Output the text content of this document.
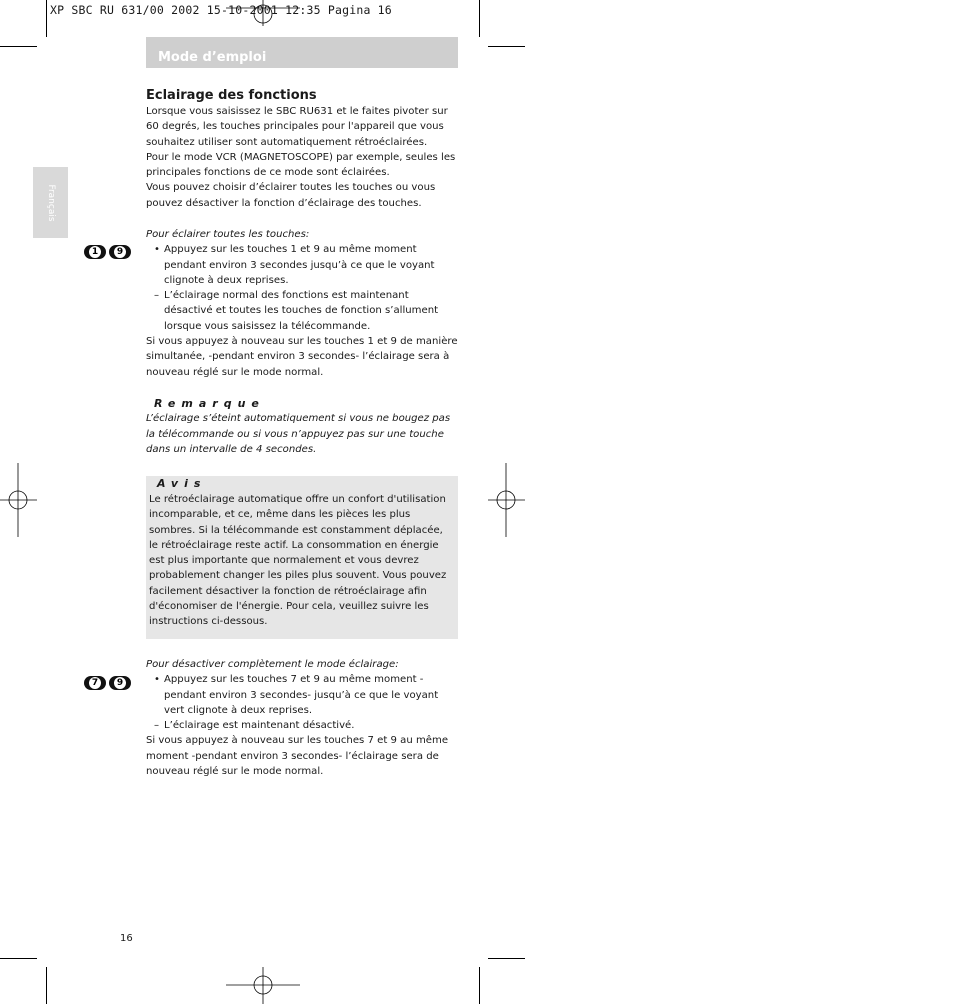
XP SBC RU 631/00 2002 15-10-2001 12:35 Pagina 16
Mode d’emploi
Français
Eclairage des fonctions

Lorsque vous saisissez le SBC RU631 et le faites pivoter sur 60 degrés, les touches principales pour l'appareil que vous souhaitez utiliser sont automatiquement rétroéclairées.

Pour le mode VCR (MAGNETOSCOPE) par exemple, seules les principales fonctions de ce mode sont éclairées.

Vous pouvez choisir d’éclairer toutes les touches ou vous pouvez désactiver la fonction d’éclairage des touches.

1	9

Pour éclairer toutes les touches:

• Appuyez sur les touches 1 et 9 au même moment pendant environ 3 secondes jusqu’à ce que le voyant clignote à deux reprises.

– L’éclairage normal des fonctions est maintenant désactivé et toutes les touches de fonction s’allument lorsque vous saisissez la télécommande.

Si vous appuyez à nouveau sur les touches 1 et 9 de manière simultanée, -pendant environ 3 secondes- l’éclairage sera à nouveau réglé sur le mode normal.

Remarque

L’éclairage s’éteint automatiquement si vous ne bougez pas la télécommande ou si vous n’appuyez pas sur une touche dans un intervalle de 4 secondes.

Avis
Le rétroéclairage automatique offre un confort d'utilisation incomparable, et ce, même dans les pièces les plus sombres. Si la télécommande est constamment déplacée, le rétroéclairage reste actif. La consommation en énergie est plus importante que normalement et vous devrez probablement changer les piles plus souvent. Vous pouvez facilement désactiver la fonction de rétroéclairage afin d'économiser de l'énergie. Pour cela, veuillez suivre les instructions ci-dessous.
7	9

Pour désactiver complètement le mode éclairage:

• Appuyez sur les touches 7 et 9 au même moment -pendant environ 3 secondes- jusqu’à ce que le voyant vert clignote à deux reprises.

– L’éclairage est maintenant désactivé.

Si vous appuyez à nouveau sur les touches 7 et 9 au même moment -pendant environ 3 secondes- l’éclairage sera de nouveau réglé sur le mode normal.

16
